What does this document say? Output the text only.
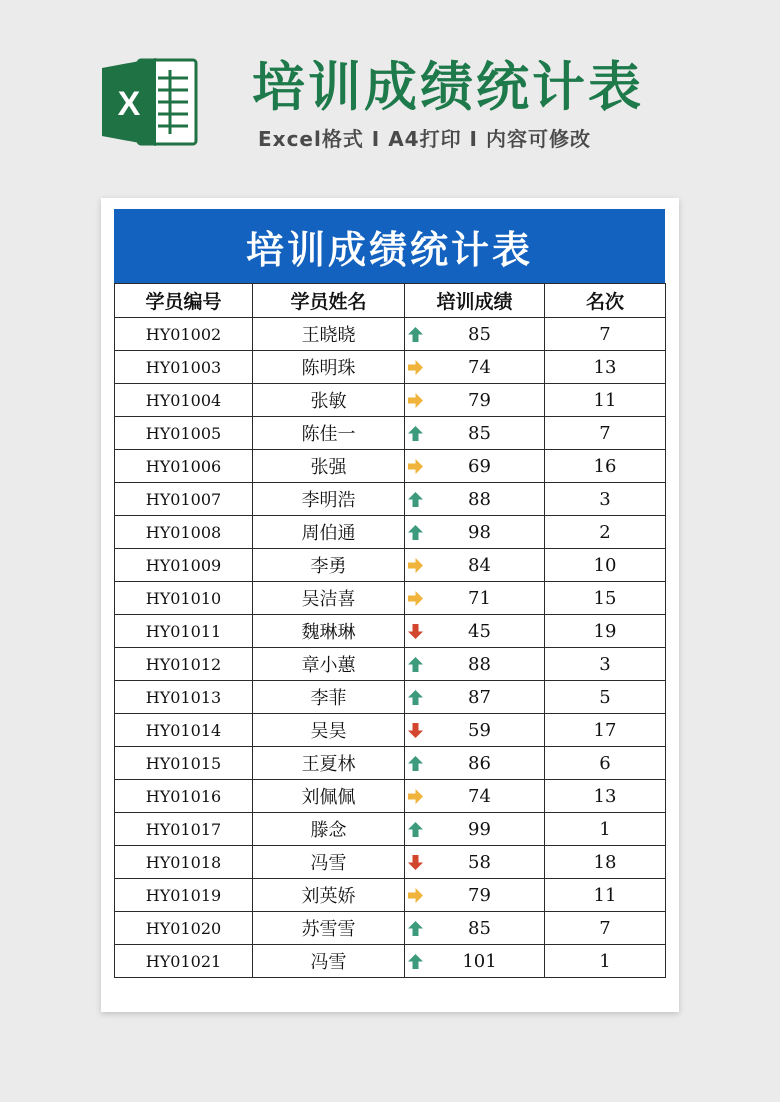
X 培训成绩统计表
Excel格式 I A4打印 I 内容可修改
培训成绩统计表
学员编号	学员姓名	培训成绩	名次
HY01002	王晓晓	85	7
HY01003	陈明珠	74	13
HY01004	张敏	79	11
HY01005	陈佳一	85	7
HY01006	张强	69	16
HY01007	李明浩	88	3
HY01008	周伯通	98	2
HY01009	李勇	84	10
HY01010	吴洁喜	71	15
HY01011	魏琳琳	45	19
HY01012	章小蕙	88	3
HY01013	李菲	87	5
HY01014	吴昊	59	17
HY01015	王夏林	86	6
HY01016	刘佩佩	74	13
HY01017	滕念	99	1
HY01018	冯雪	58	18
HY01019	刘英娇	79	11
HY01020	苏雪雪	85	7
HY01021	冯雪	101	1
